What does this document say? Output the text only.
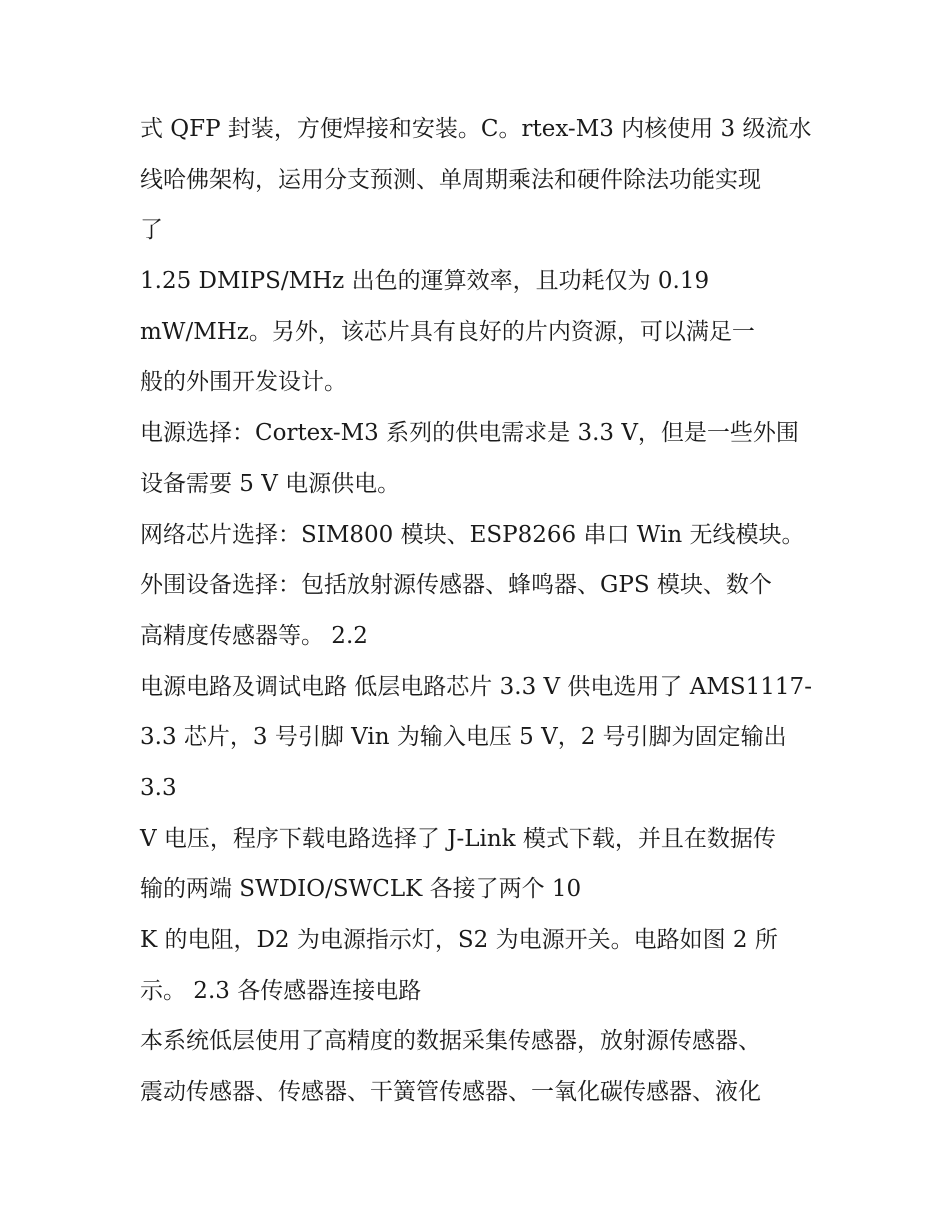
式 QFP 封装，方便焊接和安装。C。rtex-M3 内核使用 3 级流水
线哈佛架构，运用分支预测、单周期乘法和硬件除法功能实现
了
1.25 DMIPS/MHz 出色的運算效率，且功耗仅为 0.19
mW/MHz。另外，该芯片具有良好的片内资源，可以满足一
般的外围开发设计。
电源选择：Cortex-M3 系列的供电需求是 3.3 V，但是一些外围
设备需要 5 V 电源供电。
网络芯片选择：SIM800 模块、ESP8266 串口 Win 无线模块。
外围设备选择：包括放射源传感器、蜂鸣器、GPS 模块、数个
高精度传感器等。 2.2
电源电路及调试电路 低层电路芯片 3.3 V 供电选用了 AMS1117-
3.3 芯片，3 号引脚 Vin 为输入电压 5 V，2 号引脚为固定输出
3.3
V 电压，程序下载电路选择了 J-Link 模式下载，并且在数据传
输的两端 SWDIO/SWCLK 各接了两个 10
K 的电阻，D2 为电源指示灯，S2 为电源开关。电路如图 2 所
示。 2.3 各传感器连接电路
本系统低层使用了高精度的数据采集传感器，放射源传感器、
震动传感器、传感器、干簧管传感器、一氧化碳传感器、液化
